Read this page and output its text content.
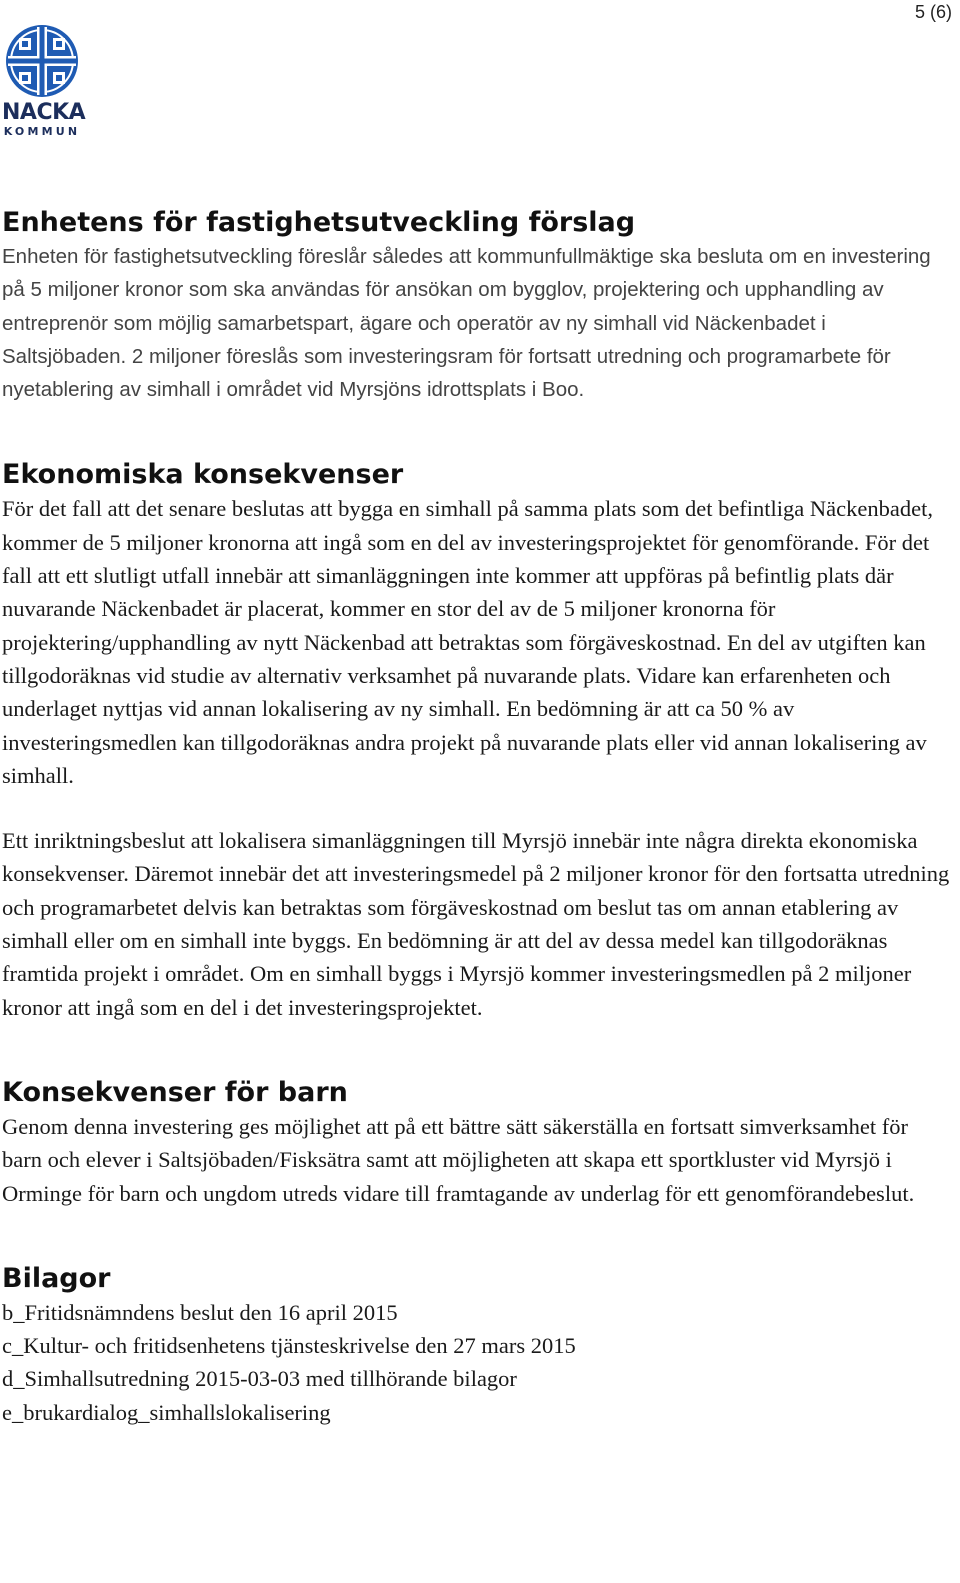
5 (6)
NACKA
KOMMUN
Enhetens för fastighetsutveckling förslag

Enheten för fastighetsutveckling föreslår således att kommunfullmäktige ska besluta om en investering på 5 miljoner kronor som ska användas för ansökan om bygglov, projektering och upphandling av entreprenör som möjlig samarbetspart, ägare och operatör av ny simhall vid Näckenbadet i Saltsjöbaden. 2 miljoner föreslås som investeringsram för fortsatt utredning och programarbete för nyetablering av simhall i området vid Myrsjöns idrottsplats i Boo.

Ekonomiska konsekvenser

För det fall att det senare beslutas att bygga en simhall på samma plats som det befintliga Näckenbadet, kommer de 5 miljoner kronorna att ingå som en del av investeringsprojektet för genomförande. För det fall att ett slutligt utfall innebär att simanläggningen inte kommer att uppföras på befintlig plats där nuvarande Näckenbadet är placerat, kommer en stor del av de 5 miljoner kronorna för projektering/upphandling av nytt Näckenbad att betraktas som förgäveskostnad. En del av utgiften kan tillgodoräknas vid studie av alternativ verksamhet på nuvarande plats. Vidare kan erfarenheten och underlaget nyttjas vid annan lokalisering av ny simhall. En bedömning är att ca 50 % av investeringsmedlen kan tillgodoräknas andra projekt på nuvarande plats eller vid annan lokalisering av simhall.

Ett inriktningsbeslut att lokalisera simanläggningen till Myrsjö innebär inte några direkta ekonomiska konsekvenser. Däremot innebär det att investeringsmedel på 2 miljoner kronor för den fortsatta utredning och programarbetet delvis kan betraktas som förgäveskostnad om beslut tas om annan etablering av simhall eller om en simhall inte byggs. En bedömning är att del av dessa medel kan tillgodoräknas framtida projekt i området. Om en simhall byggs i Myrsjö kommer investeringsmedlen på 2 miljoner kronor att ingå som en del i det investeringsprojektet.

Konsekvenser för barn

Genom denna investering ges möjlighet att på ett bättre sätt säkerställa en fortsatt simverksamhet för barn och elever i Saltsjöbaden/Fisksätra samt att möjligheten att skapa ett sportkluster vid Myrsjö i Orminge för barn och ungdom utreds vidare till framtagande av underlag för ett genomförandebeslut.

Bilagor
b_Fritidsnämndens beslut den 16 april 2015
c_Kultur- och fritidsenhetens tjänsteskrivelse den 27 mars 2015
d_Simhallsutredning 2015-03-03 med tillhörande bilagor
e_brukardialog_simhallslokalisering
